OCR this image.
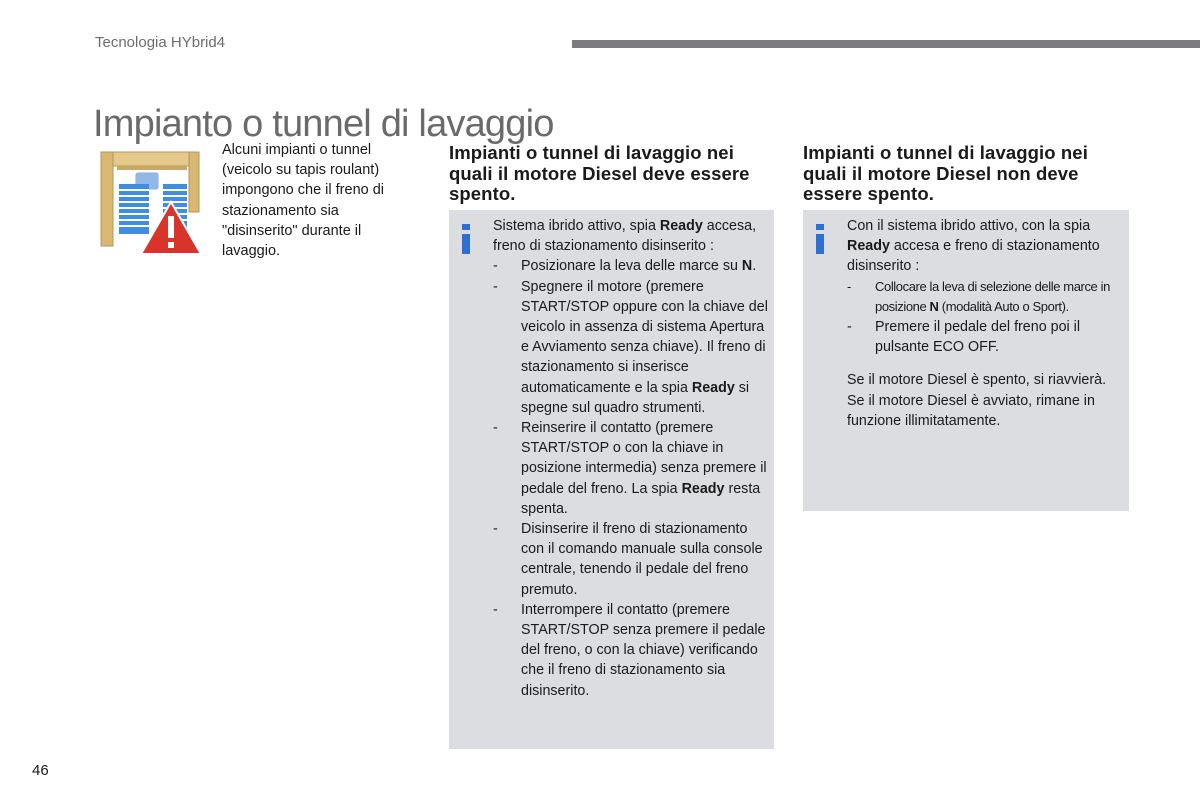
Tecnologia HYbrid4
Impianto o tunnel di lavaggio
Alcuni impianti o tunnel (veicolo su tapis roulant) impongono che il freno di stazionamento sia "disinserito" durante il lavaggio.
Impianti o tunnel di lavaggio nei quali il motore Diesel deve essere spento.
Impianti o tunnel di lavaggio nei quali il motore Diesel non deve essere spento.

Sistema ibrido attivo, spia Ready accesa, freno di stazionamento disinserito :

- Posizionare la leva delle marce su N.
- Spegnere il motore (premere START/STOP oppure con la chiave del veicolo in assenza di sistema Apertura e Avviamento senza chiave). Il freno di stazionamento si inserisce automaticamente e la spia Ready si spegne sul quadro strumenti.
- Reinserire il contatto (premere START/STOP o con la chiave in posizione intermedia) senza premere il pedale del freno. La spia Ready resta spenta.
- Disinserire il freno di stazionamento con il comando manuale sulla console centrale, tenendo il pedale del freno premuto.
- Interrompere il contatto (premere START/STOP senza premere il pedale del freno, o con la chiave) verificando che il freno di stazionamento sia disinserito.

Con il sistema ibrido attivo, con la spia Ready accesa e freno di stazionamento disinserito :

- Collocare la leva di selezione delle marce in posizione N (modalità Auto o Sport).
- Premere il pedale del freno poi il pulsante ECO OFF.

Se il motore Diesel è spento, si riavvierà.

Se il motore Diesel è avviato, rimane in funzione illimitatamente.

46
